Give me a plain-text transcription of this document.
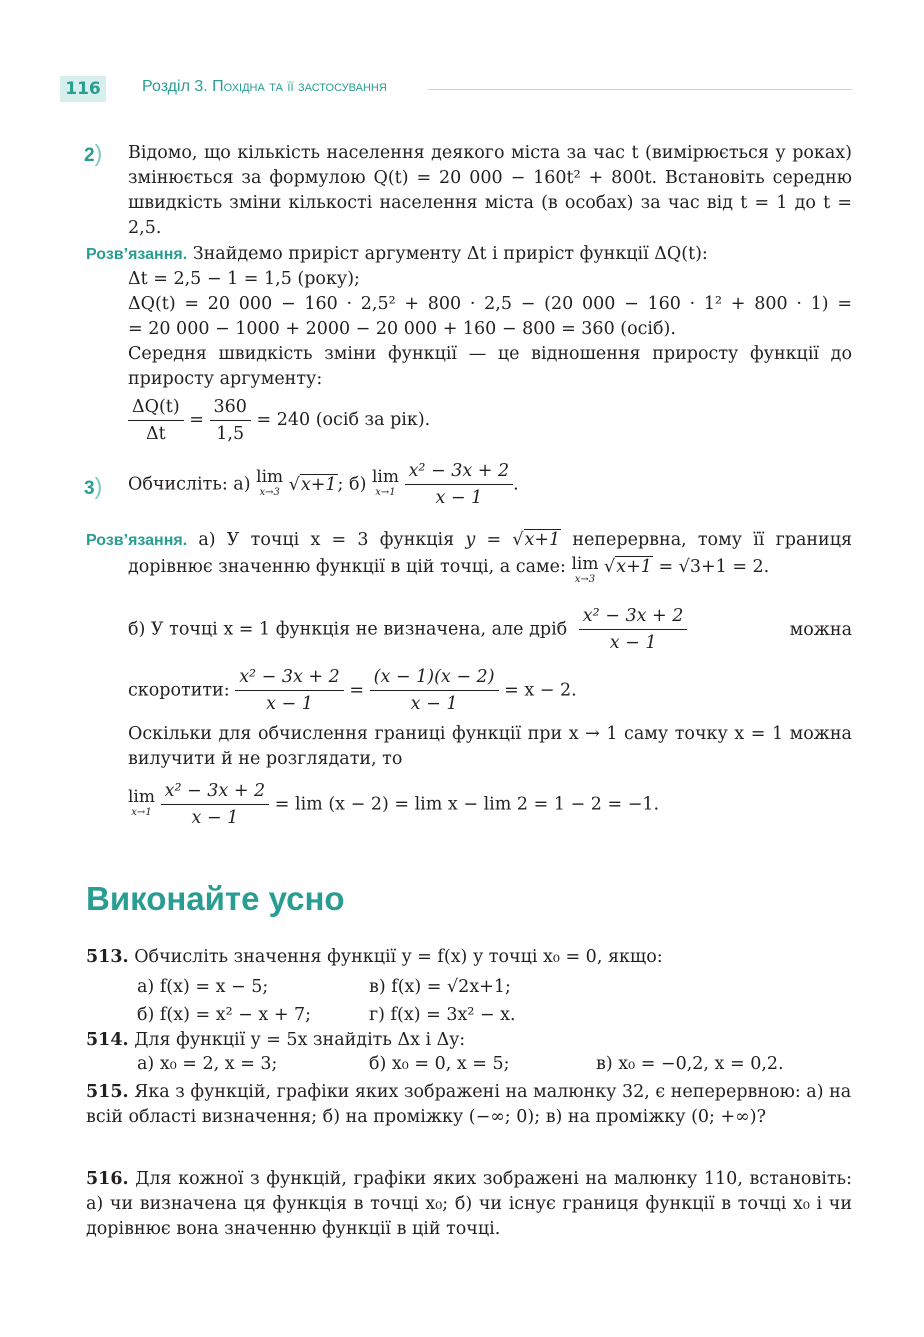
116	Розділ 3. Похідна та її застосування
2) Відомо, що кількість населення деякого міста за час t (вимірюється у роках) змінюється за формулою Q(t) = 20 000 − 160t² + 800t. Встановіть середню швидкість зміни кількості населення міста (в особах) за час від t = 1 до t = 2,5.
Розв’язання. Знайдемо приріст аргументу Δt і приріст функції ΔQ(t):
Δt = 2,5 − 1 = 1,5 (року);
ΔQ(t) = 20 000 − 160 · 2,5² + 800 · 2,5 − (20 000 − 160 · 1² + 800 · 1) =
= 20 000 − 1000 + 2000 − 20 000 + 160 − 800 = 360 (осіб).
Середня швидкість зміни функції — це відношення приросту функції до приросту аргументу:
$\frac{\Delta Q(t)}{\Delta t} = \frac{360}{1,5} = 240$ (осіб за рік).
3) Обчисліть: а) lim
x→3 √x+1; б) lim
x→1
$\frac{\text{x² − 3x + 2}}{x - 1}$ .
Розв’язання. а) У точці x = 3 функція y = √x+1 неперервна, тому її границя
дорівнює значенню функції в цій точці, а саме: lim
x→3
√x+1 = √3+1 = 2.
б) У точці x = 1 функція не визначена, але дріб $\frac{\text{x² − 3x + 2}}{x - 1}$	можна
скоротити: $\frac{\text{x² − 3x + 2}}{x - 1} = \frac{(x - 1)(x - 2)}{x - 1} = x - 2$.
Оскільки для обчислення границі функції при x → 1 саму точку x = 1 можна вилучити й не розглядати, то
lim
x→1
$\frac{\text{x² − 3x + 2}}{x - 1} = \lim (x - 2) = \lim x - \lim 2 = 1 - 2 = -1$.
Виконайте усно
513. Обчисліть значення функції y = f(x) у точці x₀ = 0, якщо:
а) f(x) = x − 5;	в) f(x) = √2x+1;
б) f(x) = x² − x + 7;	г) f(x) = 3x² − x.
514. Для функції y = 5x знайдіть Δx і Δy:
а) x₀ = 2, x = 3;	б) x₀ = 0, x = 5;	в) x₀ = −0,2, x = 0,2.
515. Яка з функцій, графіки яких зображені на малюнку 32, є неперервною: а) на всій області визначення; б) на проміжку (−∞; 0); в) на проміжку (0; +∞)?
516. Для кожної з функцій, графіки яких зображені на малюнку 110, встановіть: а) чи визначена ця функція в точці x₀; б) чи існує границя функції в точці x₀ і чи дорівнює вона значенню функції в цій точці.
